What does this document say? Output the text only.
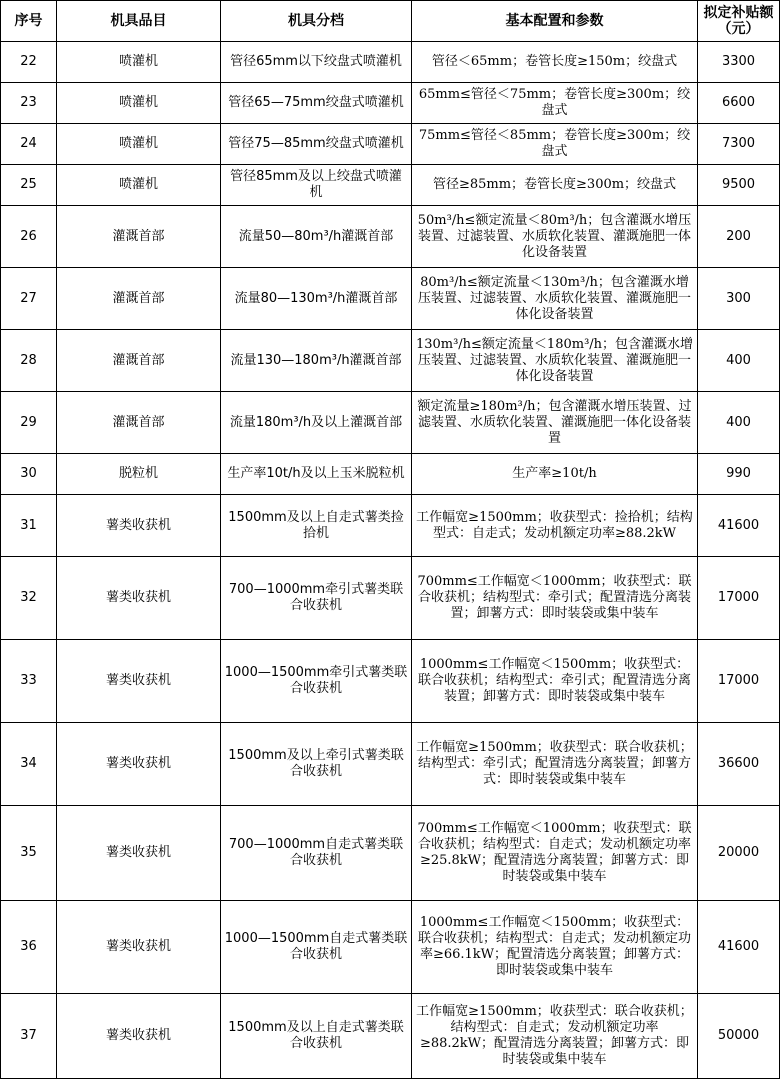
序号	机具品目	机具分档	基本配置和参数	拟定补贴额（元）
22	喷灌机	管径65mm以下绞盘式喷灌机	管径＜65mm；卷管长度≥150m；绞盘式	3300
23	喷灌机	管径65—75mm绞盘式喷灌机	65mm≤管径＜75mm；卷管长度≥300m；绞盘式	6600
24	喷灌机	管径75—85mm绞盘式喷灌机	75mm≤管径＜85mm；卷管长度≥300m；绞盘式	7300
25	喷灌机	管径85mm及以上绞盘式喷灌机	管径≥85mm；卷管长度≥300m；绞盘式	9500
26	灌溉首部	流量50—80m³/h灌溉首部	50m³/h≤额定流量＜80m³/h；包含灌溉水增压装置、过滤装置、水质软化装置、灌溉施肥一体化设备装置	200
27	灌溉首部	流量80—130m³/h灌溉首部	80m³/h≤额定流量＜130m³/h；包含灌溉水增压装置、过滤装置、水质软化装置、灌溉施肥一体化设备装置	300
28	灌溉首部	流量130—180m³/h灌溉首部	130m³/h≤额定流量＜180m³/h；包含灌溉水增压装置、过滤装置、水质软化装置、灌溉施肥一体化设备装置	400
29	灌溉首部	流量180m³/h及以上灌溉首部	额定流量≥180m³/h；包含灌溉水增压装置、过滤装置、水质软化装置、灌溉施肥一体化设备装置	400
30	脱粒机	生产率10t/h及以上玉米脱粒机	生产率≥10t/h	990
31	薯类收获机	1500mm及以上自走式薯类捡拾机	工作幅宽≥1500mm；收获型式：捡拾机；结构型式：自走式；发动机额定功率≥88.2kW	41600
32	薯类收获机	700—1000mm牵引式薯类联合收获机	700mm≤工作幅宽＜1000mm；收获型式：联合收获机；结构型式：牵引式；配置清选分离装置；卸薯方式：即时装袋或集中装车	17000
33	薯类收获机	1000—1500mm牵引式薯类联合收获机	1000mm≤工作幅宽＜1500mm；收获型式：联合收获机；结构型式：牵引式；配置清选分离装置；卸薯方式：即时装袋或集中装车	17000
34	薯类收获机	1500mm及以上牵引式薯类联合收获机	工作幅宽≥1500mm；收获型式：联合收获机；结构型式：牵引式；配置清选分离装置；卸薯方式：即时装袋或集中装车	36600
35	薯类收获机	700—1000mm自走式薯类联合收获机	700mm≤工作幅宽＜1000mm；收获型式：联合收获机；结构型式：自走式；发动机额定功率≥25.8kW；配置清选分离装置；卸薯方式：即时装袋或集中装车	20000
36	薯类收获机	1000—1500mm自走式薯类联合收获机	1000mm≤工作幅宽＜1500mm；收获型式：联合收获机；结构型式：自走式；发动机额定功率≥66.1kW；配置清选分离装置；卸薯方式：即时装袋或集中装车	41600
37	薯类收获机	1500mm及以上自走式薯类联合收获机	工作幅宽≥1500mm；收获型式：联合收获机；结构型式：自走式；发动机额定功率≥88.2kW；配置清选分离装置；卸薯方式：即时装袋或集中装车	50000
